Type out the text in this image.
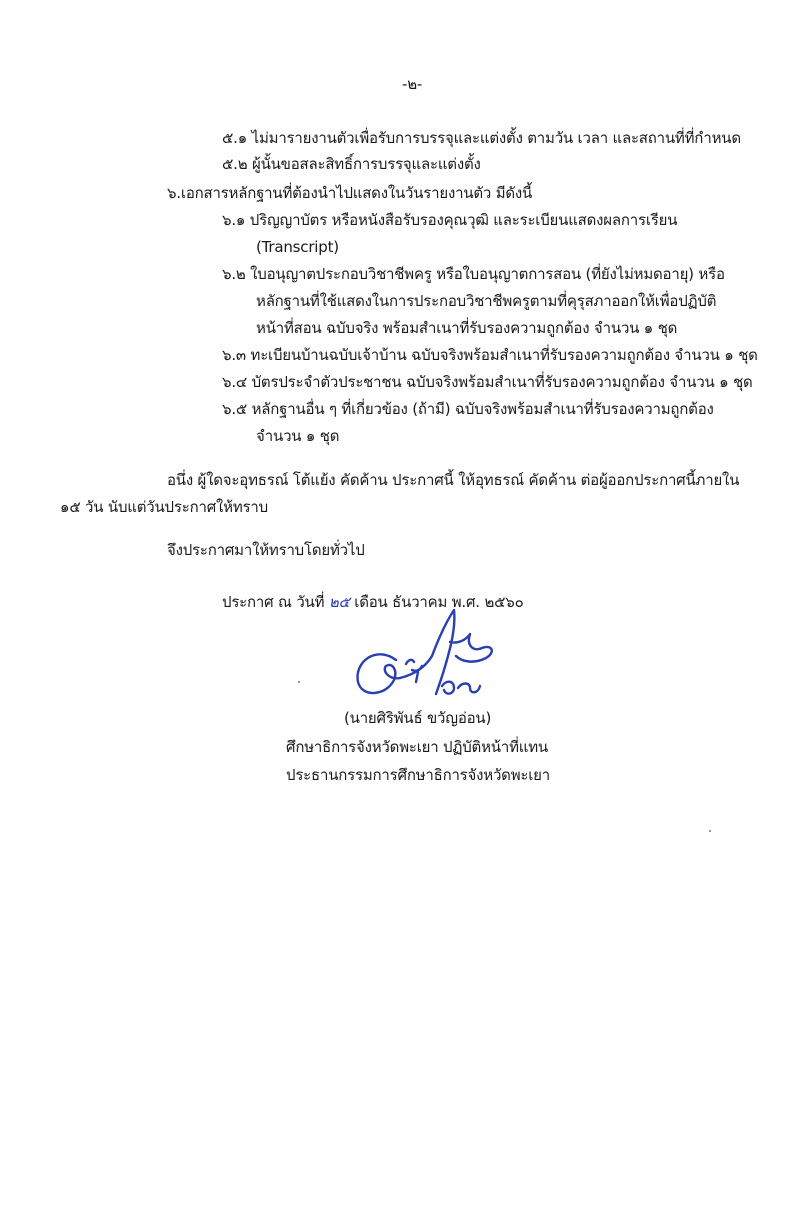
-๒-
๕.๑ ไม่มารายงานตัวเพื่อรับการบรรจุและแต่งตั้ง ตามวัน เวลา และสถานที่ที่กำหนด
๕.๒ ผู้นั้นขอสละสิทธิ์การบรรจุและแต่งตั้ง
๖.เอกสารหลักฐานที่ต้องนำไปแสดงในวันรายงานตัว มีดังนี้
๖.๑ ปริญญาบัตร หรือหนังสือรับรองคุณวุฒิ และระเบียนแสดงผลการเรียน
(Transcript)
๖.๒ ใบอนุญาตประกอบวิชาชีพครู หรือใบอนุญาตการสอน (ที่ยังไม่หมดอายุ) หรือ
หลักฐานที่ใช้แสดงในการประกอบวิชาชีพครูตามที่คุรุสภาออกให้เพื่อปฏิบัติ
หน้าที่สอน ฉบับจริง พร้อมสำเนาที่รับรองความถูกต้อง จำนวน ๑ ชุด
๖.๓ ทะเบียนบ้านฉบับเจ้าบ้าน ฉบับจริงพร้อมสำเนาที่รับรองความถูกต้อง จำนวน ๑ ชุด
๖.๔ บัตรประจำตัวประชาชน ฉบับจริงพร้อมสำเนาที่รับรองความถูกต้อง จำนวน ๑ ชุด
๖.๕ หลักฐานอื่น ๆ ที่เกี่ยวข้อง (ถ้ามี) ฉบับจริงพร้อมสำเนาที่รับรองความถูกต้อง
จำนวน ๑ ชุด
อนึ่ง ผู้ใดจะอุทธรณ์ โต้แย้ง คัดค้าน ประกาศนี้ ให้อุทธรณ์ คัดค้าน ต่อผู้ออกประกาศนี้ภายใน
๑๕ วัน นับแต่วันประกาศให้ทราบ
จึงประกาศมาให้ทราบโดยทั่วไป
ประกาศ ณ วันที่ ๒๕ เดือน ธันวาคม พ.ศ. ๒๕๖๐
(นายศิริพันธ์ ขวัญอ่อน)
ศึกษาธิการจังหวัดพะเยา ปฏิบัติหน้าที่แทน
ประธานกรรมการศึกษาธิการจังหวัดพะเยา
